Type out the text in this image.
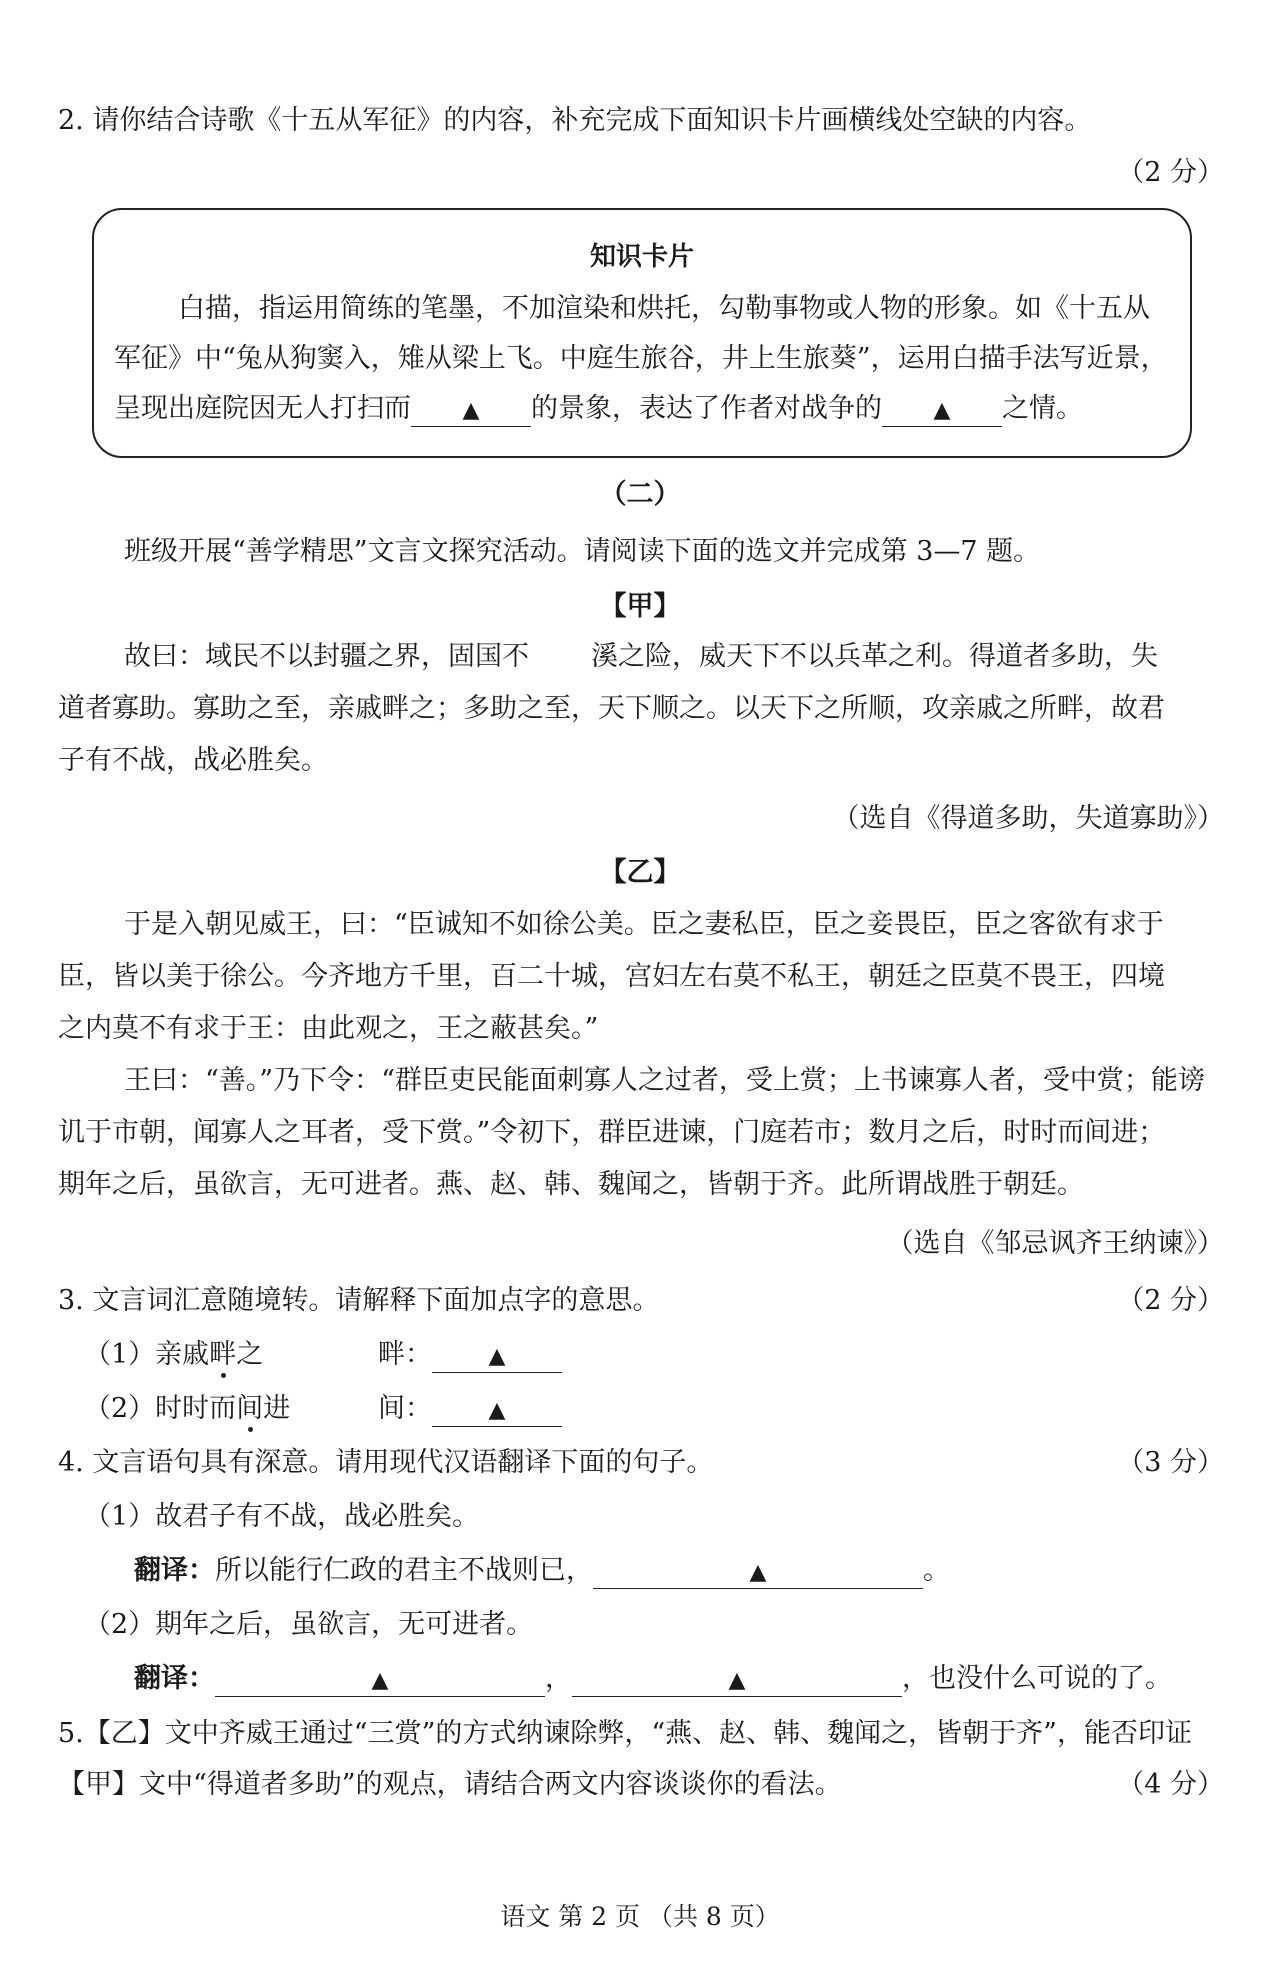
2. 请你结合诗歌《十五从军征》的内容，补充完成下面知识卡片画横线处空缺的内容。
（2 分）
知识卡片
白描，指运用简练的笔墨，不加渲染和烘托，勾勒事物或人物的形象。如《十五从
军征》中“兔从狗窦入，雉从梁上飞。中庭生旅谷，井上生旅葵”，运用白描手法写近景，
呈现出庭院因无人打扫而 ▲ 的景象，表达了作者对战争的 ▲ 之情。
（二）
班级开展“善学精思”文言文探究活动。请阅读下面的选文并完成第 3—7 题。
【甲】
故曰：域民不以封疆之界，固国不 溪之险，威天下不以兵革之利。得道者多助，失
道者寡助。寡助之至，亲戚畔之；多助之至，天下顺之。以天下之所顺，攻亲戚之所畔，故君
子有不战，战必胜矣。
（选自《得道多助，失道寡助》）
【乙】
于是入朝见威王，曰：“臣诚知不如徐公美。臣之妻私臣，臣之妾畏臣，臣之客欲有求于
臣，皆以美于徐公。今齐地方千里，百二十城，宫妇左右莫不私王，朝廷之臣莫不畏王，四境
之内莫不有求于王：由此观之，王之蔽甚矣。”
王曰：“善。”乃下令：“群臣吏民能面刺寡人之过者，受上赏；上书谏寡人者，受中赏；能谤
讥于市朝，闻寡人之耳者，受下赏。”令初下，群臣进谏，门庭若市；数月之后，时时而间进；
期年之后，虽欲言，无可进者。燕、赵、韩、魏闻之，皆朝于齐。此所谓战胜于朝廷。
（选自《邹忌讽齐王纳谏》）
3. 文言词汇意随境转。请解释下面加点字的意思。	（2 分）
（1）亲戚畔之	畔：	▲
（2）时时而间进	间：	▲
4. 文言语句具有深意。请用现代汉语翻译下面的句子。	（3 分）
（1）故君子有不战，战必胜矣。
翻译：所以能行仁政的君主不战则已，	▲	。
（2）期年之后，虽欲言，无可进者。
翻译：	▲	，	▲	，也没什么可说的了。
5.【乙】文中齐威王通过“三赏”的方式纳谏除弊，“燕、赵、韩、魏闻之，皆朝于齐”，能否印证
【甲】文中“得道者多助”的观点，请结合两文内容谈谈你的看法。	（4 分）
语文 第 2 页 （共 8 页）
